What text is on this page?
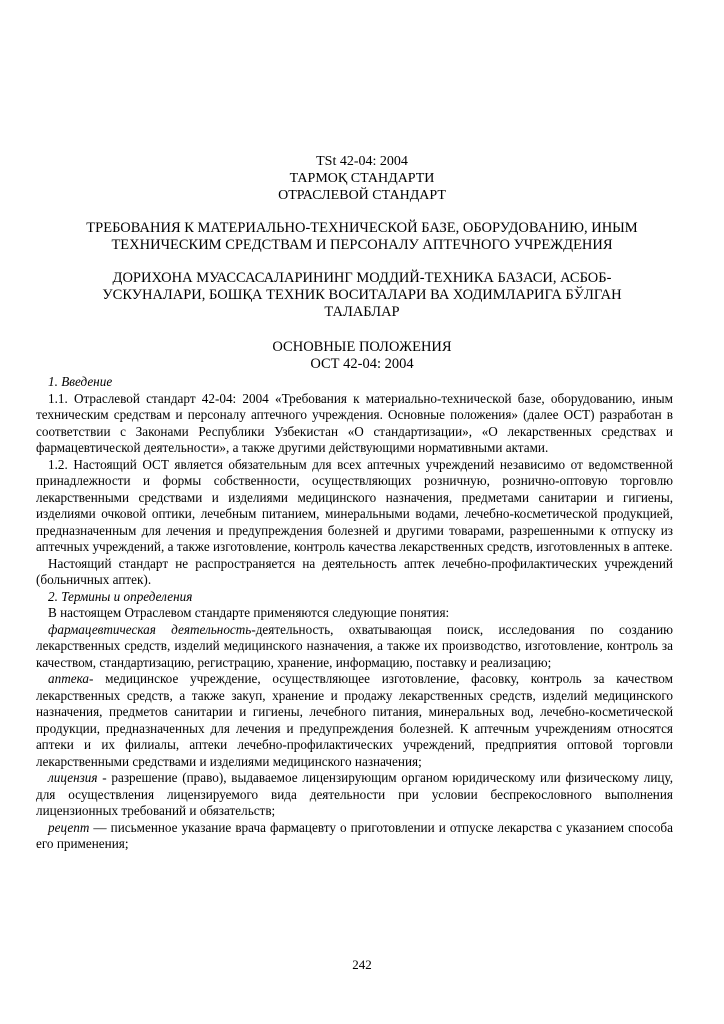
TSt 42-04: 2004
ТАРМОҚ СТАНДАРТИ
ОТРАСЛЕВОЙ СТАНДАРТ
ТРЕБОВАНИЯ К МАТЕРИАЛЬНО-ТЕХНИЧЕСКОЙ БАЗЕ, ОБОРУДОВАНИЮ, ИНЫМ
ТЕХНИЧЕСКИМ СРЕДСТВАМ И ПЕРСОНАЛУ АПТЕЧНОГО УЧРЕЖДЕНИЯ
ДОРИХОНА МУАССАСАЛАРИНИНГ МОДДИЙ-ТЕХНИКА БАЗАСИ, АСБОБ-
УСКУНАЛАРИ, БОШҚА ТЕХНИК ВОСИТАЛАРИ ВА ХОДИМЛАРИГА БЎЛГАН
ТАЛАБЛАР
ОСНОВНЫЕ ПОЛОЖЕНИЯ
ОСТ 42-04: 2004

1. Введение

1.1. Отраслевой стандарт 42-04: 2004 «Требования к материально-технической базе, оборудованию, иным техническим средствам и персоналу аптечного учреждения. Основные положения» (далее ОСТ) разработан в соответствии с Законами Республики Узбекистан «О стандартизации», «О лекарственных средствах и фармацевтической деятельности», а также другими действующими нормативными актами.

1.2. Настоящий ОСТ является обязательным для всех аптечных учреждений независимо от ведомственной принадлежности и формы собственности, осуществляющих розничную, рознично-оптовую торговлю лекарственными средствами и изделиями медицинского назначения, предметами санитарии и гигиены, изделиями очковой оптики, лечебным питанием, минеральными водами, лечебно-косметической продукцией, предназначенным для лечения и предупреждения болезней и другими товарами, разрешенными к отпуску из аптечных учреждений, а также изготовление, контроль качества лекарственных средств, изготовленных в аптеке.

Настоящий стандарт не распространяется на деятельность аптек лечебно-профилактических учреждений (больничных аптек).

2. Термины и определения

В настоящем Отраслевом стандарте применяются следующие понятия:

фармацевтическая деятельность-деятельность, охватывающая поиск, исследования по созданию лекарственных средств, изделий медицинского назначения, а также их производство, изготовление, контроль за качеством, стандартизацию, регистрацию, хранение, информацию, поставку и реализацию;

аптека- медицинское учреждение, осуществляющее изготовление, фасовку, контроль за качеством лекарственных средств, а также закуп, хранение и продажу лекарственных средств, изделий медицинского назначения, предметов санитарии и гигиены, лечебного питания, минеральных вод, лечебно-косметической продукции, предназначенных для лечения и предупреждения болезней. К аптечным учреждениям относятся аптеки и их филиалы, аптеки лечебно-профилактических учреждений, предприятия оптовой торговли лекарственными средствами и изделиями медицинского назначения;

лицензия - разрешение (право), выдаваемое лицензирующим органом юридическому или физическому лицу, для осуществления лицензируемого вида деятельности при условии беспрекословного выполнения лицензионных требований и обязательств;

рецепт — письменное указание врача фармацевту о приготовлении и отпуске лекарства с указанием способа его применения;

242
